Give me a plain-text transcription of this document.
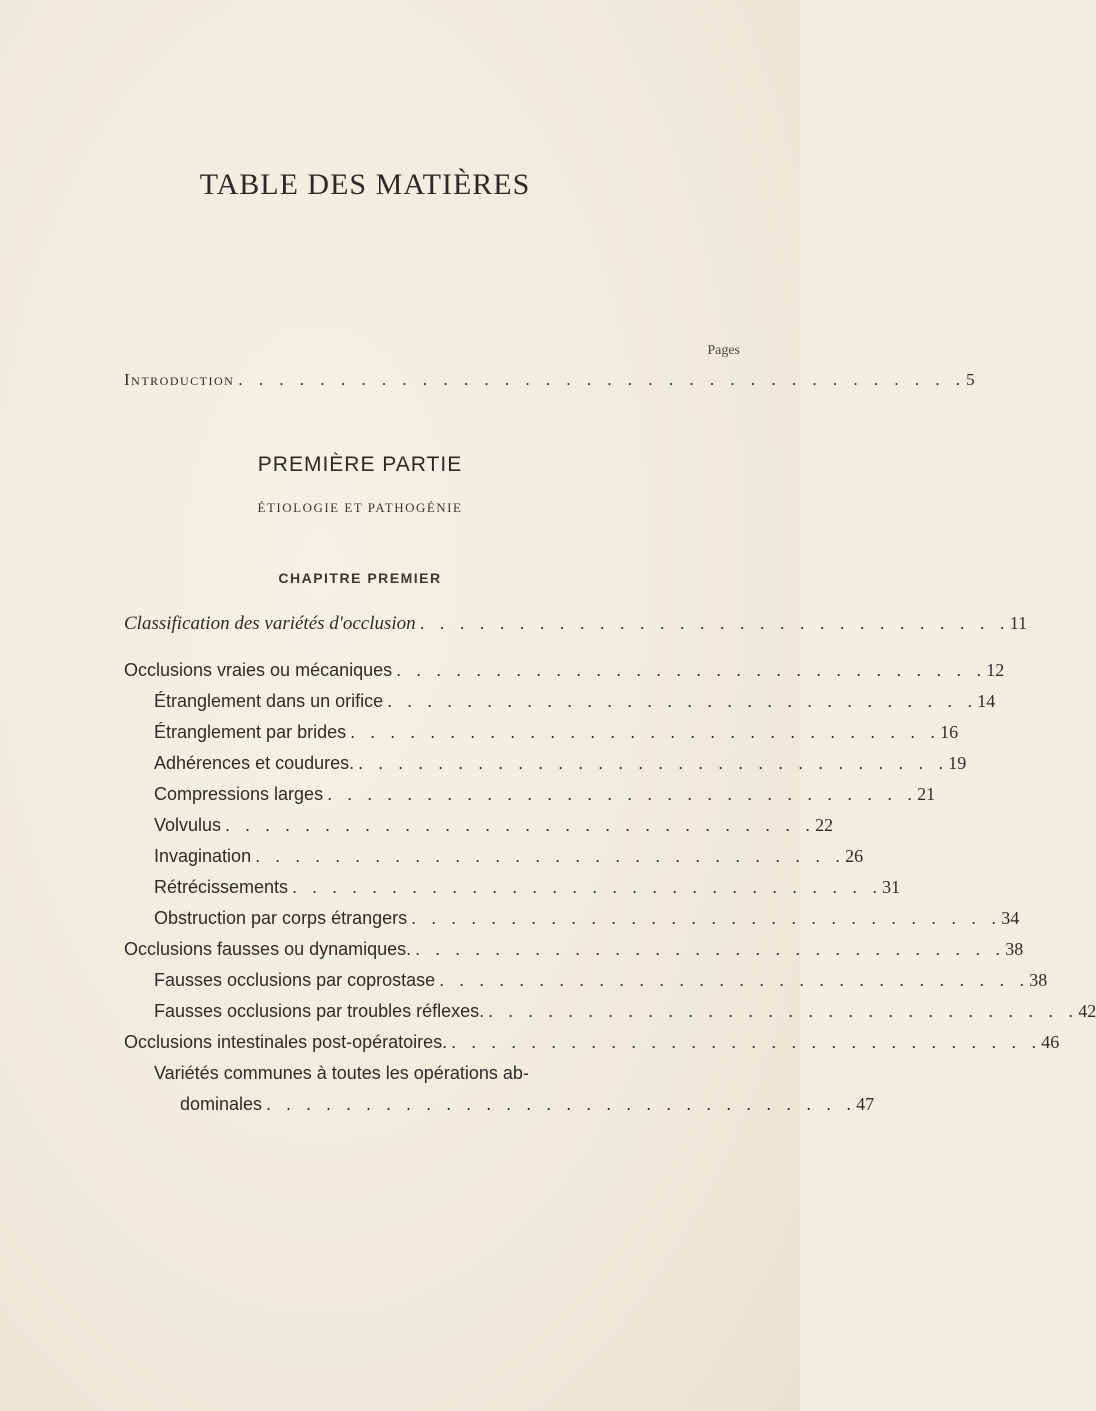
TABLE DES MATIÈRES
Pages
Introduction . . . . . . . . . . . . . . . . . . . . . . . . . . . . . . . . . . . . 5
PREMIÈRE PARTIE
ÉTIOLOGIE ET PATHOGÉNIE
CHAPITRE PREMIER
Classification des variétés d'occlusion . . . . . . . . . . . . . . . . . . . . . . . . . . . . . . 11
Occlusions vraies ou mécaniques . . . . . . . . . . . . . . . . . . . . . . . . . . . . . . 12
Étranglement dans un orifice . . . . . . . . . . . . . . . . . . . . . . . . . . . . . . 14
Étranglement par brides . . . . . . . . . . . . . . . . . . . . . . . . . . . . . . 16
Adhérences et coudures. . . . . . . . . . . . . . . . . . . . . . . . . . . . . . . 19
Compressions larges . . . . . . . . . . . . . . . . . . . . . . . . . . . . . . 21
Volvulus . . . . . . . . . . . . . . . . . . . . . . . . . . . . . . 22
Invagination . . . . . . . . . . . . . . . . . . . . . . . . . . . . . . 26
Rétrécissements . . . . . . . . . . . . . . . . . . . . . . . . . . . . . . 31
Obstruction par corps étrangers . . . . . . . . . . . . . . . . . . . . . . . . . . . . . . 34
Occlusions fausses ou dynamiques. . . . . . . . . . . . . . . . . . . . . . . . . . . . . . . 38
Fausses occlusions par coprostase . . . . . . . . . . . . . . . . . . . . . . . . . . . . . . 38
Fausses occlusions par troubles réflexes. . . . . . . . . . . . . . . . . . . . . . . . . . . . . . . 42
Occlusions intestinales post-opératoires. . . . . . . . . . . . . . . . . . . . . . . . . . . . . . . 46
Variétés communes à toutes les opérations ab-
dominales . . . . . . . . . . . . . . . . . . . . . . . . . . . . . . 47
